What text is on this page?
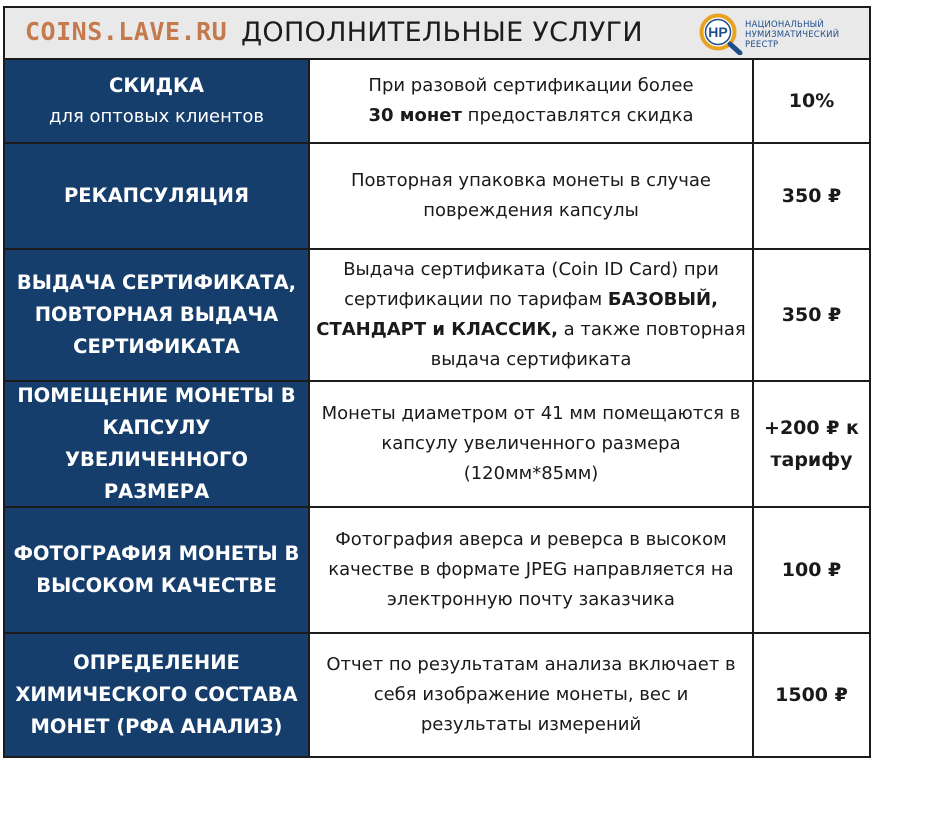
ДОПОЛНИТЕЛЬНЫЕ УСЛУГИ
COINS.LAVE.RU	НР НАЦИОНАЛЬНЫЙ
НУМИЗМАТИЧЕСКИЙ
РЕЕСТР
СКИДКА
для оптовых клиентов
При разовой сертификации более
30 монет предоставлятся скидка
10%
РЕКАПСУЛЯЦИЯ
Повторная упаковка монеты в случае повреждения капсулы
350 ₽
ВЫДАЧА СЕРТИФИКАТА, ПОВТОРНАЯ ВЫДАЧА СЕРТИФИКАТА
Выдача сертификата (Coin ID Card) при сертификации по тарифам БАЗОВЫЙ, СТАНДАРТ и КЛАССИК, а также повторная выдача сертификата
350 ₽
ПОМЕЩЕНИЕ МОНЕТЫ В КАПСУЛУ УВЕЛИЧЕННОГО РАЗМЕРА
Монеты диаметром от 41 мм помещаются в капсулу увеличенного размера (120мм*85мм)
+200 ₽ к тарифу
ФОТОГРАФИЯ МОНЕТЫ В ВЫСОКОМ КАЧЕСТВЕ
Фотография аверса и реверса в высоком качестве в формате JPEG направляется на электронную почту заказчика
100 ₽
ОПРЕДЕЛЕНИЕ ХИМИЧЕСКОГО СОСТАВА МОНЕТ (РФА АНАЛИЗ)
Отчет по результатам анализа включает в себя изображение монеты, вес и результаты измерений
1500 ₽
